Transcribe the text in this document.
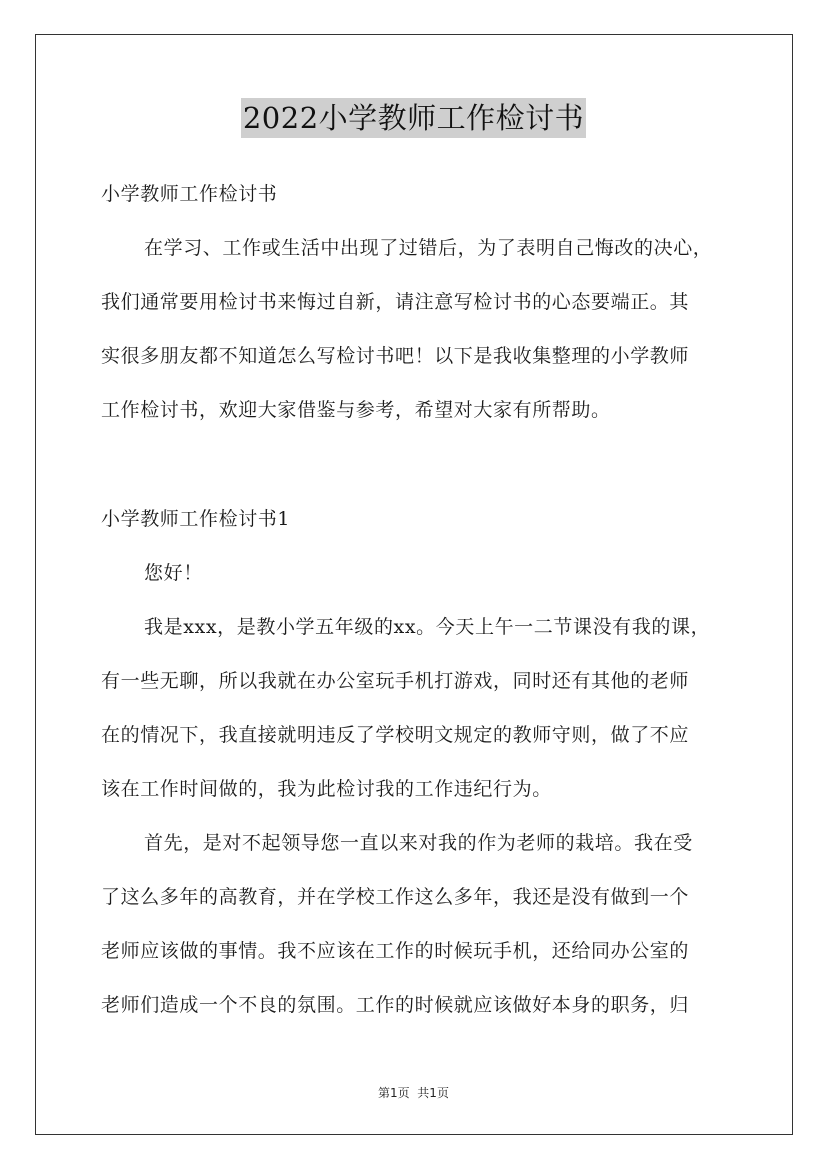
2022小学教师工作检讨书
小学教师工作检讨书
在学习、工作或生活中出现了过错后，为了表明自己悔改的决心，
我们通常要用检讨书来悔过自新，请注意写检讨书的心态要端正。其
实很多朋友都不知道怎么写检讨书吧！以下是我收集整理的小学教师
工作检讨书，欢迎大家借鉴与参考，希望对大家有所帮助。
小学教师工作检讨书1
您好！
我是xxx，是教小学五年级的xx。今天上午一二节课没有我的课，
有一些无聊，所以我就在办公室玩手机打游戏，同时还有其他的老师
在的情况下，我直接就明违反了学校明文规定的教师守则，做了不应
该在工作时间做的，我为此检讨我的工作违纪行为。
首先，是对不起领导您一直以来对我的作为老师的栽培。我在受
了这么多年的高教育，并在学校工作这么多年，我还是没有做到一个
老师应该做的事情。我不应该在工作的时候玩手机，还给同办公室的
老师们造成一个不良的氛围。工作的时候就应该做好本身的职务，归
第1页  共1页
